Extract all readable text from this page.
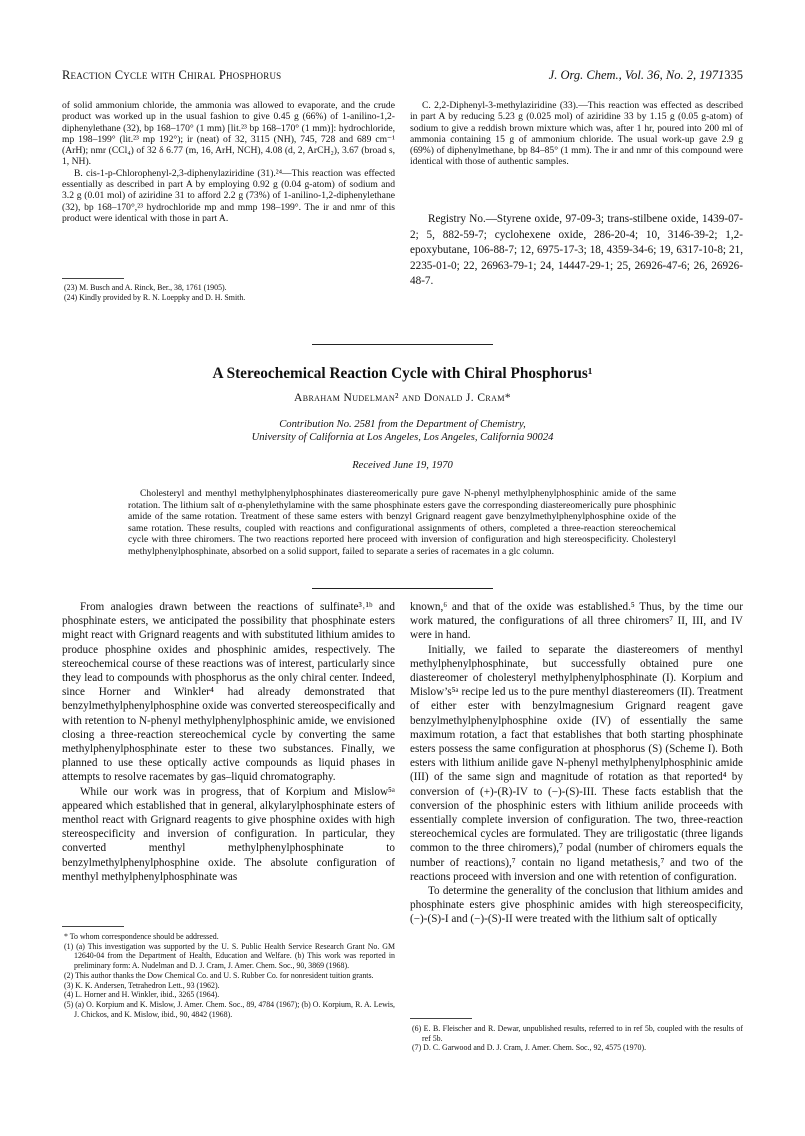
Reaction Cycle with Chiral Phosphorus	J. Org. Chem., Vol. 36, No. 2, 1971335

of solid ammonium chloride, the ammonia was allowed to evaporate, and the crude product was worked up in the usual fashion to give 0.45 g (66%) of 1-anilino-1,2-diphenylethane (32), bp 168–170° (1 mm) [lit.²³ bp 168–170° (1 mm)]: hydrochloride, mp 198–199° (lit.²³ mp 192°); ir (neat) of 32, 3115 (NH), 745, 728 and 689 cm⁻¹ (ArH); nmr (CCl₄) of 32 δ 6.77 (m, 16, ArH, NCH), 4.08 (d, 2, ArCH₂), 3.67 (broad s, 1, NH).

B. cis-1-p-Chlorophenyl-2,3-diphenylaziridine (31).²⁴—This reaction was effected essentially as described in part A by employing 0.92 g (0.04 g-atom) of sodium and 3.2 g (0.01 mol) of aziridine 31 to afford 2.2 g (73%) of 1-anilino-1,2-diphenylethane (32), bp 168–170°,²³ hydrochloride mp and mmp 198–199°. The ir and nmr of this product were identical with those in part A.

(23) M. Busch and A. Rinck, Ber., 38, 1761 (1905).

(24) Kindly provided by R. N. Loeppky and D. H. Smith.

C. 2,2-Diphenyl-3-methylaziridine (33).—This reaction was effected as described in part A by reducing 5.23 g (0.025 mol) of aziridine 33 by 1.15 g (0.05 g-atom) of sodium to give a reddish brown mixture which was, after 1 hr, poured into 200 ml of ammonia containing 15 g of ammonium chloride. The usual work-up gave 2.9 g (69%) of diphenylmethane, bp 84–85° (1 mm). The ir and nmr of this compound were identical with those of authentic samples.

Registry No.—Styrene oxide, 97-09-3; trans-stilbene oxide, 1439-07-2; 5, 882-59-7; cyclohexene oxide, 286-20-4; 10, 3146-39-2; 1,2-epoxybutane, 106-88-7; 12, 6975-17-3; 18, 4359-34-6; 19, 6317-10-8; 21, 2235-01-0; 22, 26963-79-1; 24, 14447-29-1; 25, 26926-47-6; 26, 26926-48-7.

A Stereochemical Reaction Cycle with Chiral Phosphorus¹
Abraham Nudelman² and Donald J. Cram*
Contribution No. 2581 from the Department of Chemistry,
University of California at Los Angeles, Los Angeles, California 90024
Received June 19, 1970

Cholesteryl and menthyl methylphenylphosphinates diastereomerically pure gave N-phenyl methylphenylphosphinic amide of the same rotation. The lithium salt of α-phenylethylamine with the same phosphinate esters gave the corresponding diastereomerically pure phosphinic amide of the same rotation. Treatment of these same esters with benzyl Grignard reagent gave benzylmethylphenylphosphine oxide of the same rotation. These results, coupled with reactions and configurational assignments of others, completed a three-reaction stereochemical cycle with three chiromers. The two reactions reported here proceed with inversion of configuration and high stereospecificity. Cholesteryl methylphenylphosphinate, absorbed on a solid support, failed to separate a series of racemates in a glc column.

From analogies drawn between the reactions of sulfinate³˒¹ᵇ and phosphinate esters, we anticipated the possibility that phosphinate esters might react with Grignard reagents and with substituted lithium amides to produce phosphine oxides and phosphinic amides, respectively. The stereochemical course of these reactions was of interest, particularly since they lead to compounds with phosphorus as the only chiral center. Indeed, since Horner and Winkler⁴ had already demonstrated that benzylmethylphenylphosphine oxide was converted stereospecifically and with retention to N-phenyl methylphenylphosphinic amide, we envisioned closing a three-reaction stereochemical cycle by converting the same methylphenylphosphinate ester to these two substances. Finally, we planned to use these optically active compounds as liquid phases in attempts to resolve racemates by gas–liquid chromatography.

While our work was in progress, that of Korpium and Mislow⁵ᵃ appeared which established that in general, alkylarylphosphinate esters of menthol react with Grignard reagents to give phosphine oxides with high stereospecificity and inversion of configuration. In particular, they converted menthyl methylphenylphosphinate to benzylmethylphenylphosphine oxide. The absolute configuration of menthyl methylphenylphosphinate was

* To whom correspondence should be addressed.

(1) (a) This investigation was supported by the U. S. Public Health Service Research Grant No. GM 12640-04 from the Department of Health, Education and Welfare. (b) This work was reported in preliminary form: A. Nudelman and D. J. Cram, J. Amer. Chem. Soc., 90, 3869 (1968).

(2) This author thanks the Dow Chemical Co. and U. S. Rubber Co. for nonresident tuition grants.

(3) K. K. Andersen, Tetrahedron Lett., 93 (1962).

(4) L. Horner and H. Winkler, ibid., 3265 (1964).

(5) (a) O. Korpium and K. Mislow, J. Amer. Chem. Soc., 89, 4784 (1967); (b) O. Korpium, R. A. Lewis, J. Chickos, and K. Mislow, ibid., 90, 4842 (1968).

known,⁶ and that of the oxide was established.⁵ Thus, by the time our work matured, the configurations of all three chiromers⁷ II, III, and IV were in hand.

Initially, we failed to separate the diastereomers of menthyl methylphenylphosphinate, but successfully obtained pure one diastereomer of cholesteryl methylphenylphosphinate (I). Korpium and Mislow’s⁵ᵃ recipe led us to the pure menthyl diastereomers (II). Treatment of either ester with benzylmagnesium Grignard reagent gave benzylmethylphenylphosphine oxide (IV) of essentially the same maximum rotation, a fact that establishes that both starting phosphinate esters possess the same configuration at phosphorus (S) (Scheme I). Both esters with lithium anilide gave N-phenyl methylphenylphosphinic amide (III) of the same sign and magnitude of rotation as that reported⁴ by conversion of (+)-(R)-IV to (−)-(S)-III. These facts establish that the conversion of the phosphinic esters with lithium anilide proceeds with essentially complete inversion of configuration. The two, three-reaction stereochemical cycles are formulated. They are triligostatic (three ligands common to the three chiromers),⁷ podal (number of chiromers equals the number of reactions),⁷ contain no ligand metathesis,⁷ and two of the reactions proceed with inversion and one with retention of configuration.

To determine the generality of the conclusion that lithium amides and phosphinate esters give phosphinic amides with high stereospecificity, (−)-(S)-I and (−)-(S)-II were treated with the lithium salt of optically

(6) E. B. Fleischer and R. Dewar, unpublished results, referred to in ref 5b, coupled with the results of ref 5b.

(7) D. C. Garwood and D. J. Cram, J. Amer. Chem. Soc., 92, 4575 (1970).
